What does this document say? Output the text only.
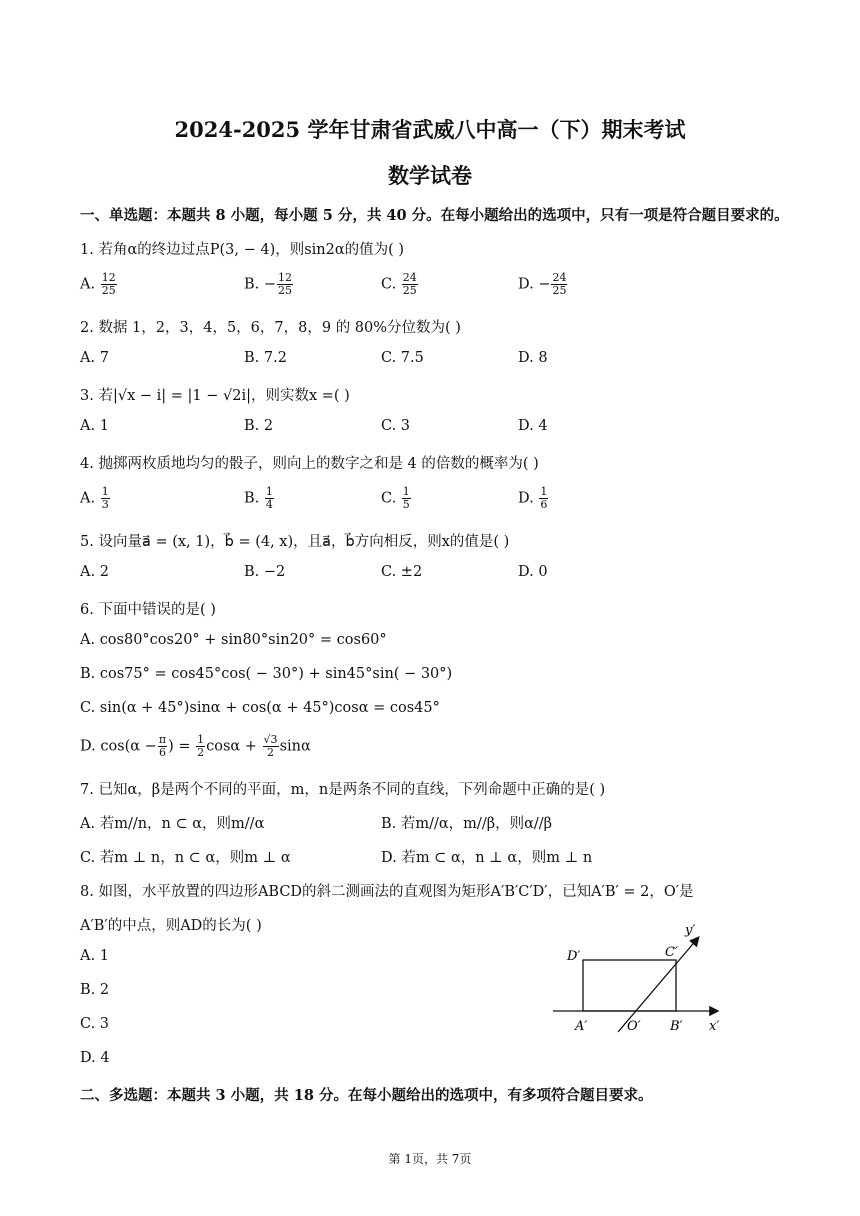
2024-2025 学年甘肃省武威八中高一（下）期末考试
数学试卷
一、单选题：本题共 8 小题，每小题 5 分，共 40 分。在每小题给出的选项中，只有一项是符合题目要求的。
1. 若角α的终边过点P(3, − 4)，则sin2α的值为( )
A. $\frac{12}{25}$	B. − $\frac{12}{25}$	C. $\frac{24}{25}$	D. − $\frac{24}{25}$
2. 数据 1，2，3，4，5，6，7，8，9 的 80%分位数为( )
A. 7	B. 7.2	C. 7.5	D. 8
3. 若|√x − i| = |1 − √2i|，则实数x =( )
A. 1	B. 2	C. 3	D. 4
4. 抛掷两枚质地均匀的骰子，则向上的数字之和是 4 的倍数的概率为( )
A. $\frac{1}{3}$	B. $\frac{1}{4}$	C. $\frac{1}{5}$	D. $\frac{1}{6}$
5. 设向量a⃗ = (x, 1)，b⃗ = (4, x)，且a⃗，b⃗方向相反，则x的值是( )
A. 2	B. −2	C. ±2	D. 0
6. 下面中错误的是( )
A. cos80°cos20° + sin80°sin20° = cos60°
B. cos75° = cos45°cos( − 30°) + sin45°sin( − 30°)
C. sin(α + 45°)sinα + cos(α + 45°)cosα = cos45°
D. $\cos(\alpha - \frac{\pi}{6}$ ) = $\frac{1}{2}$ $\cos\alpha + \frac{√3}{2}$ sinα
7. 已知α，β是两个不同的平面，m，n是两条不同的直线，下列命题中正确的是( )
A. 若m//n，n ⊂ α，则m//α	B. 若m//α，m//β，则α//β
C. 若m ⊥ n，n ⊂ α，则m ⊥ α	D. 若m ⊂ α，n ⊥ α，则m ⊥ n
8. 如图，水平放置的四边形ABCD的斜二测画法的直观图为矩形A′B′C′D′，已知A′B′ = 2，O′是
A′B′的中点，则AD的长为( )
A. 1
B. 2
C. 3
D. 4
D′	C′
A′	O′ B′ x′
y′
二、多选题：本题共 3 小题，共 18 分。在每小题给出的选项中，有多项符合题目要求。
第 1页，共 7页
